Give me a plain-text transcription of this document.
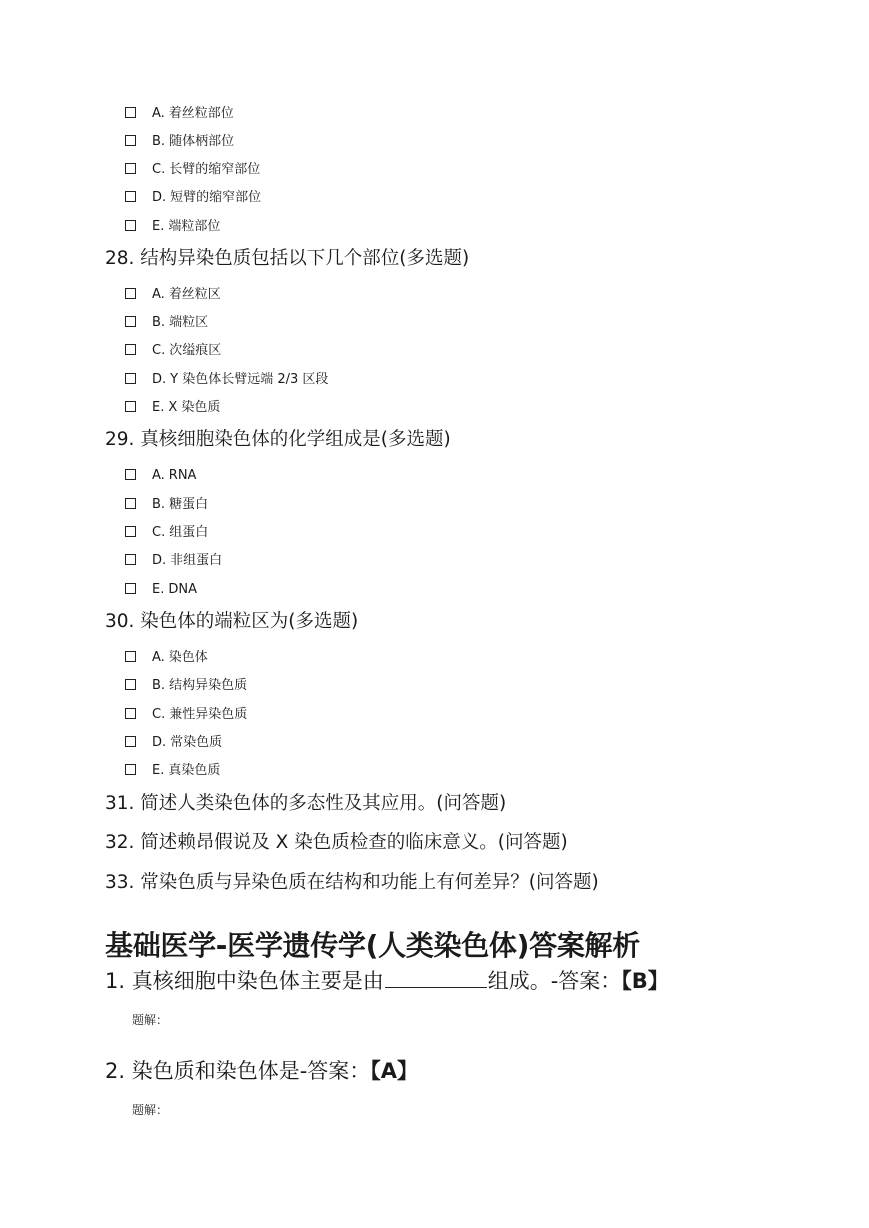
A. 着丝粒部位
B. 随体柄部位
C. 长臂的缩窄部位
D. 短臂的缩窄部位
E. 端粒部位
28. 结构异染色质包括以下几个部位(多选题)
A. 着丝粒区
B. 端粒区
C. 次缢痕区
D. Y 染色体长臂远端 2/3 区段
E. X 染色质
29. 真核细胞染色体的化学组成是(多选题)
A. RNA
B. 糖蛋白
C. 组蛋白
D. 非组蛋白
E. DNA
30. 染色体的端粒区为(多选题)
A. 染色体
B. 结构异染色质
C. 兼性异染色质
D. 常染色质
E. 真染色质
31. 简述人类染色体的多态性及其应用。(问答题)
32. 简述赖昂假说及 X 染色质检查的临床意义。(问答题)
33. 常染色质与异染色质在结构和功能上有何差异？(问答题)
基础医学-医学遗传学(人类染色体)答案解析
1. 真核细胞中染色体主要是由	组成。-答案：【B】
题解：
2. 染色质和染色体是-答案：【A】
题解：
